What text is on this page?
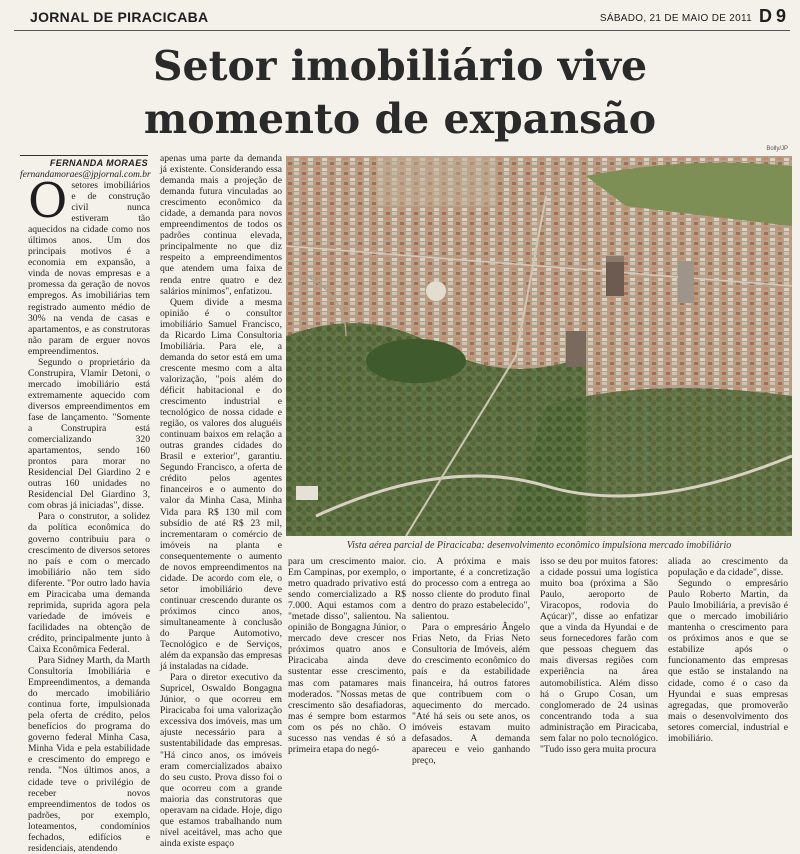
JORNAL DE PIRACICABA	SÁBADO, 21 DE MAIO DE 2011 D9
Setor imobiliário vive
momento de expansão
FERNANDA MORAES
fernandamoraes@jpjornal.com.br

Osetores imobiliários e de construção civil nunca estiveram tão aquecidos na cidade como nos últimos anos. Um dos principais motivos é a economia em expansão, a vinda de novas empresas e a promessa da geração de novos empregos. As imobiliárias tem registrado aumento médio de 30% na venda de casas e apartamentos, e as construtoras não param de erguer novos empreendimentos.

Segundo o proprietário da Construpira, Vlamir Detoni, o mercado imobiliário está extremamente aquecido com diversos empreendimentos em fase de lançamento. "Somente a Construpira está comercializando 320 apartamentos, sendo 160 prontos para morar no Residencial Del Giardino 2 e outras 160 unidades no Residencial Del Giardino 3, com obras já iniciadas", disse.

Para o construtor, a solidez da política econômica do governo contribuiu para o crescimento de diversos setores no país e com o mercado imobiliário não tem sido diferente. "Por outro lado havia em Piracicaba uma demanda reprimida, suprida agora pela variedade de imóveis e facilidades na obtenção de crédito, principalmente junto à Caixa Econômica Federal.

Para Sidney Marth, da Marth Consultoria Imobiliária e Empreendimentos, a demanda do mercado imobiliário continua forte, impulsionada pela oferta de crédito, pelos benefícios do programa do governo federal Minha Casa, Minha Vida e pela estabilidade e crescimento do emprego e renda. "Nos últimos anos, a cidade teve o privilégio de receber novos empreendimentos de todos os padrões, por exemplo, loteamentos, condomínios fechados, edifícios e residenciais, atendendo

apenas uma parte da demanda já existente. Considerando essa demanda mais a projeção de demanda futura vinculadas ao crescimento econômico da cidade, a demanda para novos empreendimentos de todos os padrões continua elevada, principalmente no que diz respeito a empreendimentos que atendem uma faixa de renda entre quatro e dez salários mínimos", enfatizou.

Quem divide a mesma opinião é o consultor imobiliário Samuel Francisco, da Ricardo Lima Consultoria Imobiliária. Para ele, a demanda do setor está em uma crescente mesmo com a alta valorização, "pois além do déficit habitacional e do crescimento industrial e tecnológico de nossa cidade e região, os valores dos aluguéis continuam baixos em relação a outras grandes cidades do Brasil e exterior", garantiu. Segundo Francisco, a oferta de crédito pelos agentes financeiros e o aumento do valor da Minha Casa, Minha Vida para R$ 130 mil com subsídio de até R$ 23 mil, incrementaram o comércio de imóveis na planta e consequentemente o aumento de novos empreendimentos na cidade. De acordo com ele, o setor imobiliário deve continuar crescendo durante os próximos cinco anos, simultaneamente à conclusão do Parque Automotivo, Tecnológico e de Serviços, além da expansão das empresas já instaladas na cidade.

Para o diretor executivo da Supricel, Oswaldo Bongagna Júnior, o que ocorreu em Piracicaba foi uma valorização excessiva dos imóveis, mas um ajuste necessário para a sustentabilidade das empresas. "Há cinco anos, os imóveis eram comercializados abaixo do seu custo. Prova disso foi o que ocorreu com a grande maioria das construtoras que operavam na cidade. Hoje, digo que estamos trabalhando num nível aceitável, mas acho que ainda existe espaço

Bolly/JP
Vista aérea parcial de Piracicaba: desenvolvimento econômico impulsiona mercado imobiliário

para um crescimento maior. Em Campinas, por exemplo, o metro quadrado privativo está sendo comercializado a R$ 7.000. Aqui estamos com a "metade disso", salientou. Na opinião de Bongagna Júnior, o mercado deve crescer nos próximos quatro anos e Piracicaba ainda deve sustentar esse crescimento, mas com patamares mais moderados. "Nossas metas de crescimento são desafiadoras, mas é sempre bom estarmos com os pés no chão. O sucesso nas vendas é só a primeira etapa do negó-

cio. A próxima e mais importante, é a concretização do processo com a entrega ao nosso cliente do produto final dentro do prazo estabelecido", salientou.

Para o empresário Ângelo Frias Neto, da Frias Neto Consultoria de Imóveis, além do crescimento econômico do país e da estabilidade financeira, há outros fatores que contribuem com o aquecimento do mercado. "Até há seis ou sete anos, os imóveis estavam muito defasados. A demanda apareceu e veio ganhando preço,

isso se deu por muitos fatores: a cidade possui uma logística muito boa (próxima a São Paulo, aeroporto de Viracopos, rodovia do Açúcar)", disse ao enfatizar que a vinda da Hyundai e de seus fornecedores farão com que pessoas cheguem das mais diversas regiões com experiência na área automobilística. Além disso há o Grupo Cosan, um conglomerado de 24 usinas concentrando toda a sua administração em Piracicaba, sem falar no polo tecnológico. "Tudo isso gera muita procura

aliada ao crescimento da população e da cidade", disse.

Segundo o empresário Paulo Roberto Martin, da Paulo Imobiliária, a previsão é que o mercado imobiliário mantenha o crescimento para os próximos anos e que se estabilize após o funcionamento das empresas que estão se instalando na cidade, como é o caso da Hyundai e suas empresas agregadas, que promoverão mais o desenvolvimento dos setores comercial, industrial e imobiliário.
